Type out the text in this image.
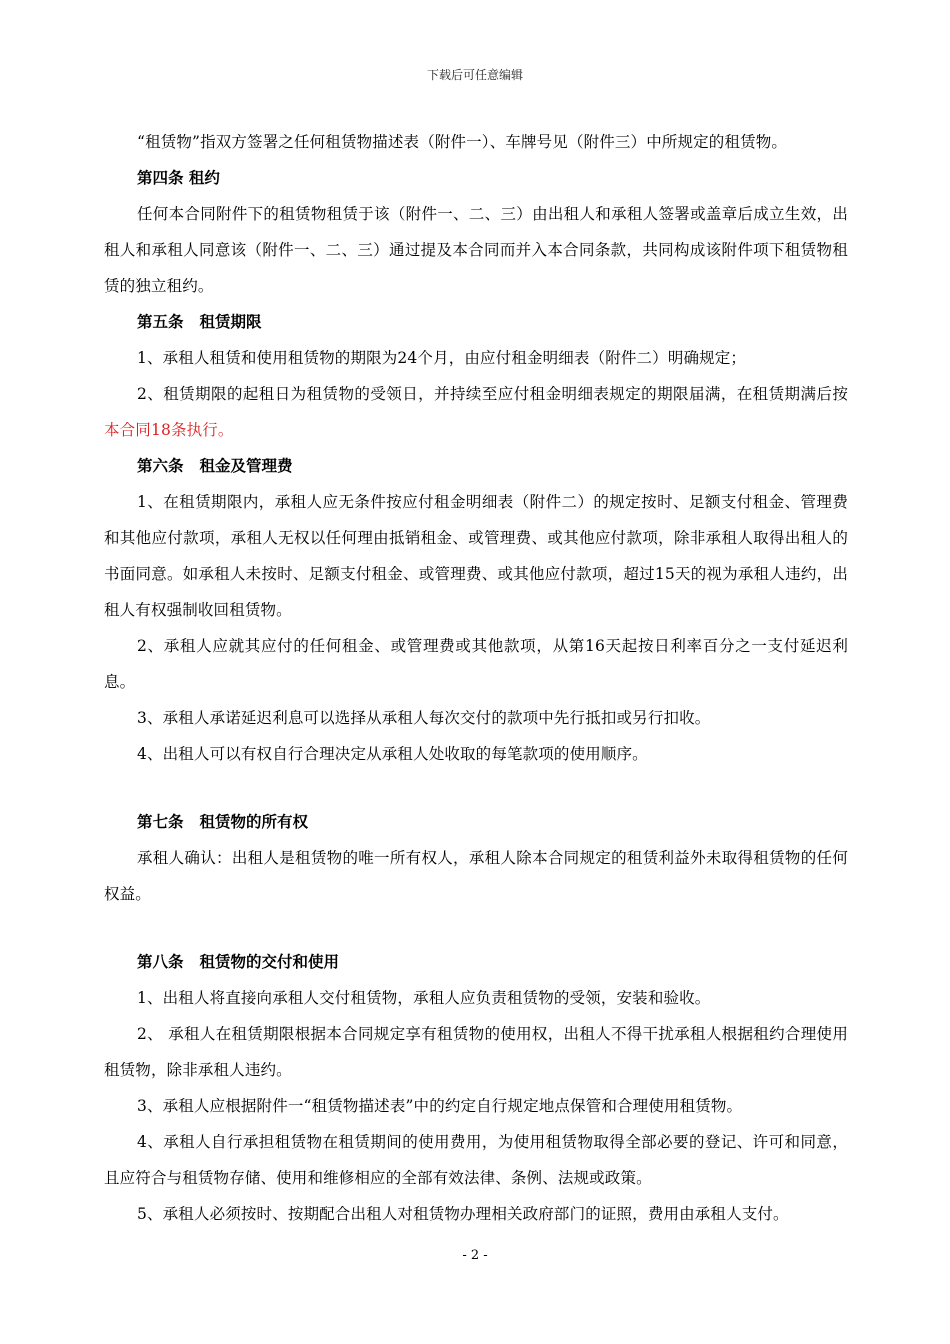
下载后可任意编辑

“租赁物”指双方签署之任何租赁物描述表（附件一）、车牌号见（附件三）中所规定的租赁物。

第四条 租约

任何本合同附件下的租赁物租赁于该（附件一、二、三）由出租人和承租人签署或盖章后成立生效，出租人和承租人同意该（附件一、二、三）通过提及本合同而并入本合同条款，共同构成该附件项下租赁物租赁的独立租约。

第五条 租赁期限

1、承租人租赁和使用租赁物的期限为24个月，由应付租金明细表（附件二）明确规定；

2、租赁期限的起租日为租赁物的受领日，并持续至应付租金明细表规定的期限届满，在租赁期满后按本合同18条执行。

第六条 租金及管理费

1、在租赁期限内，承租人应无条件按应付租金明细表（附件二）的规定按时、足额支付租金、管理费和其他应付款项，承租人无权以任何理由抵销租金、或管理费、或其他应付款项，除非承租人取得出租人的书面同意。如承租人未按时、足额支付租金、或管理费、或其他应付款项，超过15天的视为承租人违约，出租人有权强制收回租赁物。

2、承租人应就其应付的任何租金、或管理费或其他款项，从第16天起按日利率百分之一支付延迟利息。

3、承租人承诺延迟利息可以选择从承租人每次交付的款项中先行抵扣或另行扣收。

4、出租人可以有权自行合理决定从承租人处收取的每笔款项的使用顺序。

第七条 租赁物的所有权

承租人确认：出租人是租赁物的唯一所有权人，承租人除本合同规定的租赁利益外未取得租赁物的任何权益。

第八条 租赁物的交付和使用

1、出租人将直接向承租人交付租赁物，承租人应负责租赁物的受领，安装和验收。

2、 承租人在租赁期限根据本合同规定享有租赁物的使用权，出租人不得干扰承租人根据租约合理使用租赁物，除非承租人违约。

3、承租人应根据附件一“租赁物描述表”中的约定自行规定地点保管和合理使用租赁物。

4、承租人自行承担租赁物在租赁期间的使用费用，为使用租赁物取得全部必要的登记、许可和同意，且应符合与租赁物存储、使用和维修相应的全部有效法律、条例、法规或政策。

5、承租人必须按时、按期配合出租人对租赁物办理相关政府部门的证照，费用由承租人支付。

- 2 -
